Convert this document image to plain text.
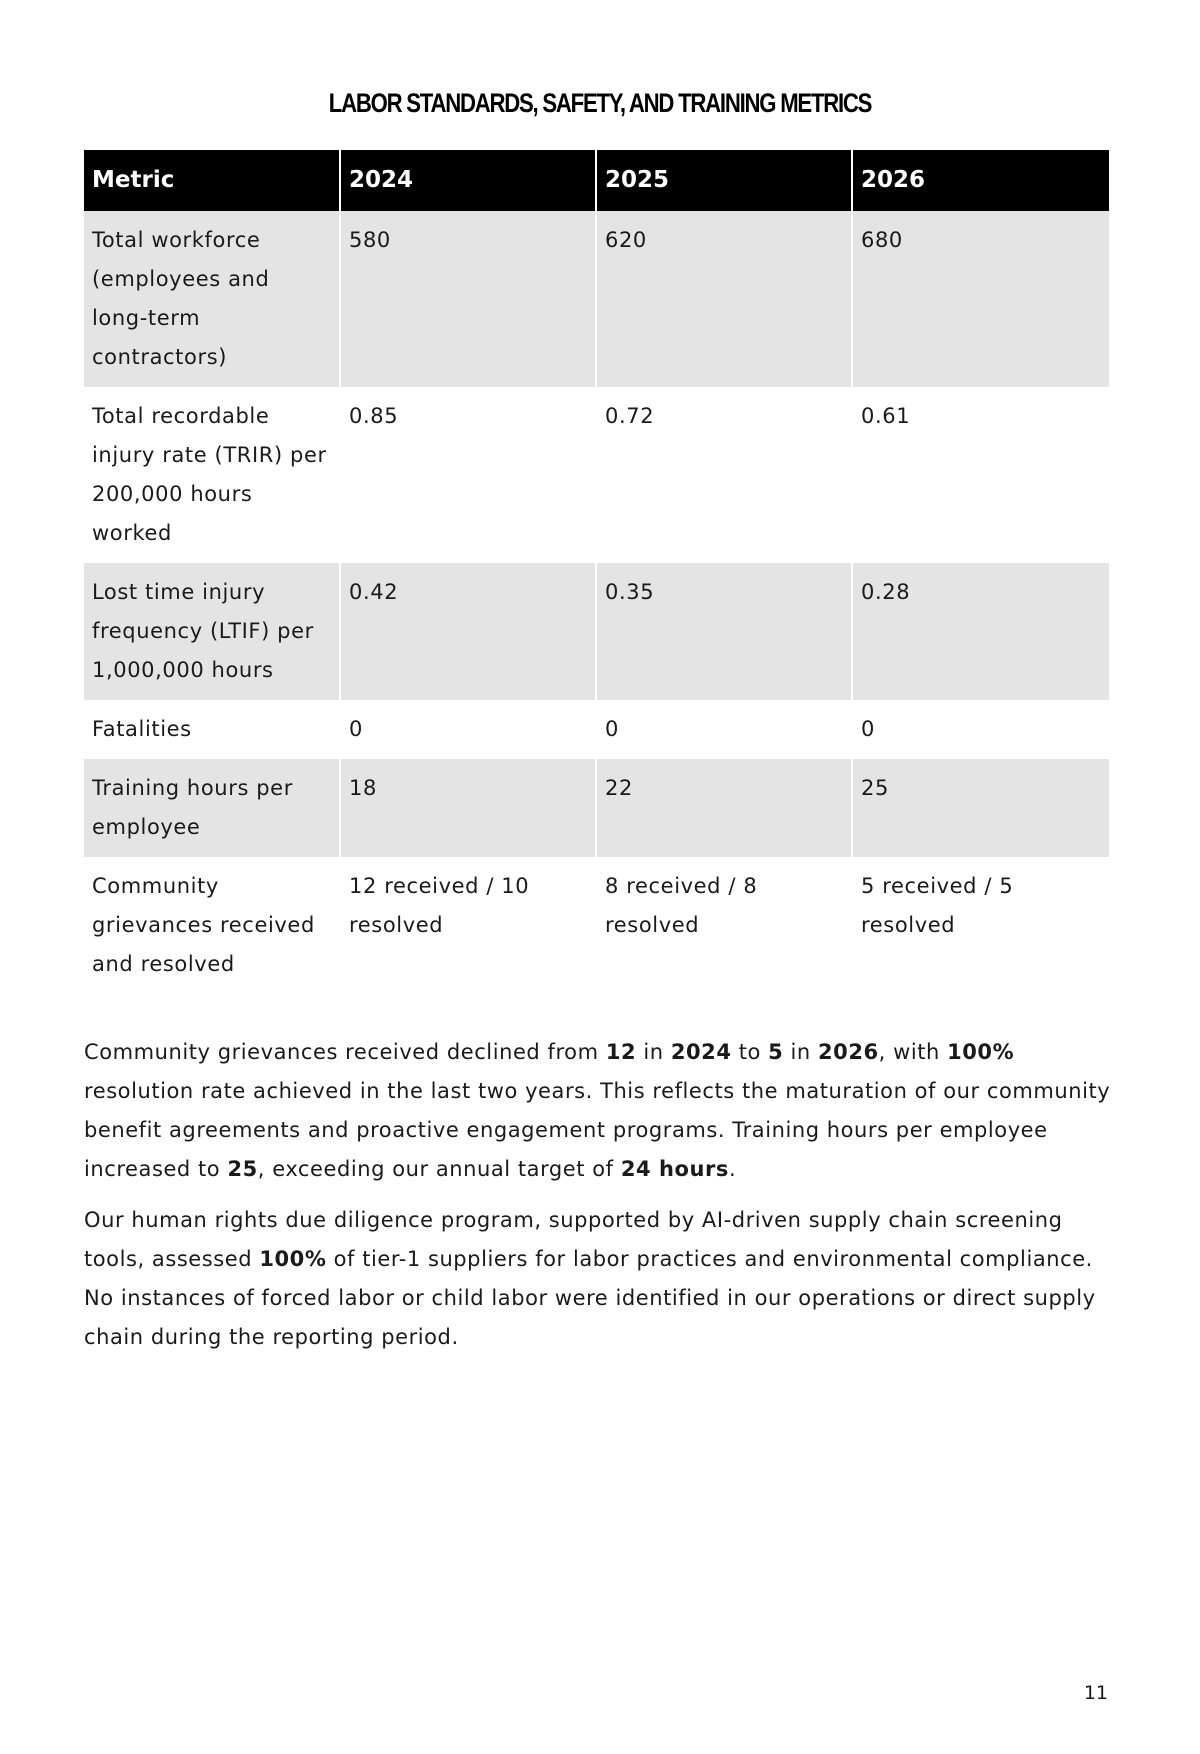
LABOR STANDARDS, SAFETY, AND TRAINING METRICS
Metric	2024	2025	2026
Total workforce (employees and long-term contractors)	580	620	680
Total recordable injury rate (TRIR) per 200,000 hours worked	0.85	0.72	0.61
Lost time injury frequency (LTIF) per 1,000,000 hours	0.42	0.35	0.28
Fatalities	0	0	0
Training hours per employee	18	22	25
Community grievances received and resolved	12 received / 10 resolved	8 received / 8 resolved	5 received / 5 resolved

Community grievances received declined from 12 in 2024 to 5 in 2026, with 100% resolution rate achieved in the last two years. This reflects the maturation of our community benefit agreements and proactive engagement programs. Training hours per employee increased to 25, exceeding our annual target of 24 hours.

Our human rights due diligence program, supported by AI-driven supply chain screening tools, assessed 100% of tier-1 suppliers for labor practices and environmental compliance. No instances of forced labor or child labor were identified in our operations or direct supply chain during the reporting period.

11
